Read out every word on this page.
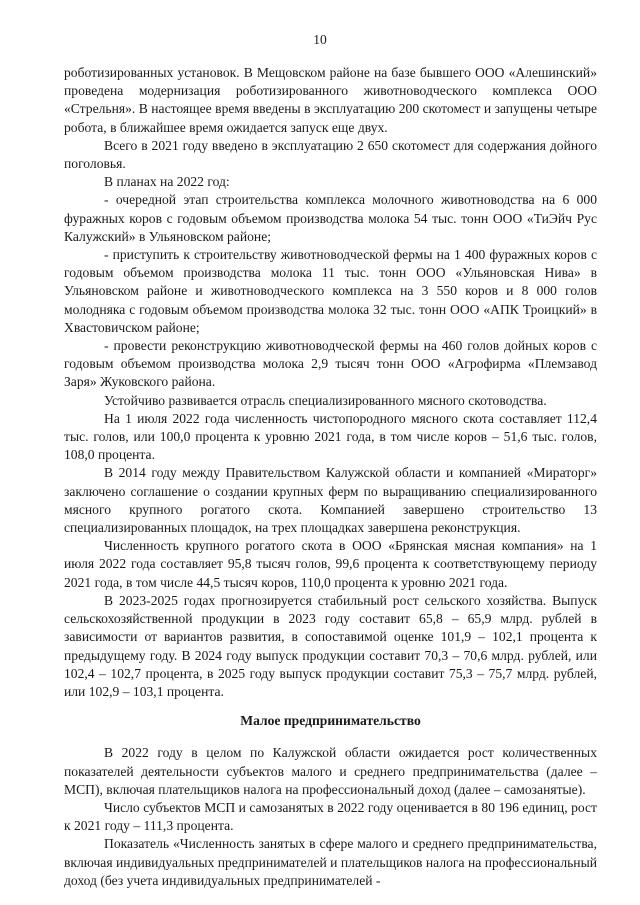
10

роботизированных установок. В Мещовском районе на базе бывшего ООО «Алешинский» проведена модернизация роботизированного животноводческого комплекса ООО «Стрельня». В настоящее время введены в эксплуатацию 200 скотомест и запущены четыре робота, в ближайшее время ожидается запуск еще двух.

Всего в 2021 году введено в эксплуатацию 2 650 скотомест для содержания дойного поголовья.

В планах на 2022 год:

- очередной этап строительства комплекса молочного животноводства на 6 000 фуражных коров с годовым объемом производства молока 54 тыс. тонн ООО «ТиЭйч Рус Калужский» в Ульяновском районе;

- приступить к строительству животноводческой фермы на 1 400 фуражных коров с годовым объемом производства молока 11 тыс. тонн ООО «Ульяновская Нива» в Ульяновском районе и животноводческого комплекса на 3 550 коров и 8 000 голов молодняка с годовым объемом производства молока 32 тыс. тонн ООО «АПК Троицкий» в Хвастовичском районе;

- провести реконструкцию животноводческой фермы на 460 голов дойных коров с годовым объемом производства молока 2,9 тысяч тонн ООО «Агрофирма «Племзавод Заря» Жуковского района.

Устойчиво развивается отрасль специализированного мясного скотоводства.

На 1 июля 2022 года численность чистопородного мясного скота составляет 112,4 тыс. голов, или 100,0 процента к уровню 2021 года, в том числе коров – 51,6 тыс. голов, 108,0 процента.

В 2014 году между Правительством Калужской области и компанией «Мираторг» заключено соглашение о создании крупных ферм по выращиванию специализированного мясного крупного рогатого скота. Компанией завершено строительство 13 специализированных площадок, на трех площадках завершена реконструкция.

Численность крупного рогатого скота в ООО «Брянская мясная компания» на 1 июля 2022 года составляет 95,8 тысяч голов, 99,6 процента к соответствующему периоду 2021 года, в том числе 44,5 тысяч коров, 110,0 процента к уровню 2021 года.

В 2023-2025 годах прогнозируется стабильный рост сельского хозяйства. Выпуск сельскохозяйственной продукции в 2023 году составит 65,8 – 65,9 млрд. рублей в зависимости от вариантов развития, в сопоставимой оценке 101,9 – 102,1 процента к предыдущему году. В 2024 году выпуск продукции составит 70,3 – 70,6 млрд. рублей, или 102,4 – 102,7 процента, в 2025 году выпуск продукции составит 75,3 – 75,7 млрд. рублей, или 102,9 – 103,1 процента.

Малое предпринимательство

В 2022 году в целом по Калужской области ожидается рост количественных показателей деятельности субъектов малого и среднего предпринимательства (далее – МСП), включая плательщиков налога на профессиональный доход (далее – самозанятые).

Число субъектов МСП и самозанятых в 2022 году оценивается в 80 196 единиц, рост к 2021 году – 111,3 процента.

Показатель «Численность занятых в сфере малого и среднего предпринимательства, включая индивидуальных предпринимателей и плательщиков налога на профессиональный доход (без учета индивидуальных предпринимателей -
